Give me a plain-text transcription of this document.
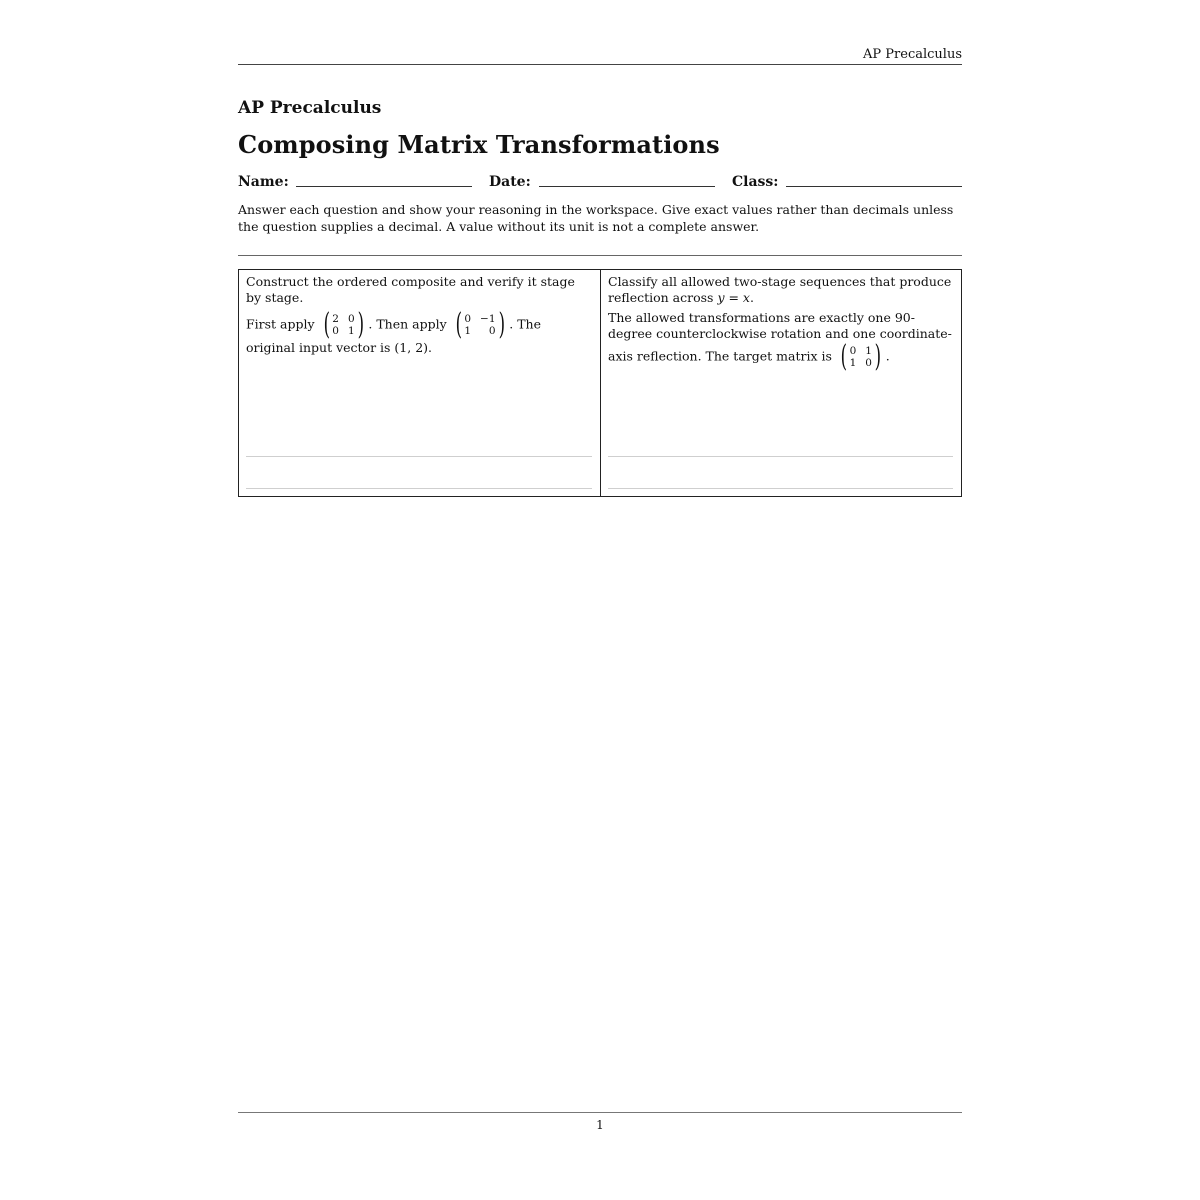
AP Precalculus
AP Precalculus
Composing Matrix Transformations
Name:	Date:	Class:
Answer each question and show your reasoning in the workspace. Give exact values rather than decimals unless the question supplies a decimal. A value without its unit is not a complete answer.

Construct the ordered composite and verify it stage by stage.

First apply ( 2 0
0 1 ) . Then apply ( 0 −1
1	0 ) . The original input vector is (1, 2).

Classify all allowed two-stage sequences that produce reflection across y = x.

The allowed transformations are exactly one 90-degree counterclockwise rotation and one coordinate-axis reflection. The target matrix is ( 0 1
1 0 ) .

1
